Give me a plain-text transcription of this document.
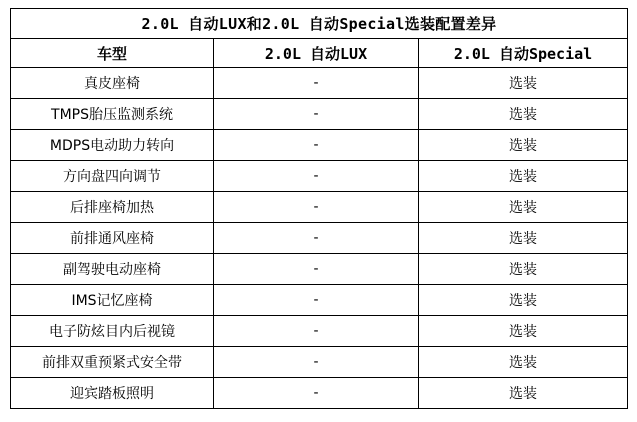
2.0L 自动LUX和2.0L 自动Special选装配置差异		
车型	2.0L 自动LUX	2.0L 自动Special
真皮座椅	-	选装
TMPS胎压监测系统	-	选装
MDPS电动助力转向	-	选装
方向盘四向调节	-	选装
后排座椅加热	-	选装
前排通风座椅	-	选装
副驾驶电动座椅	-	选装
IMS记忆座椅	-	选装
电子防炫目内后视镜	-	选装
前排双重预紧式安全带	-	选装
迎宾踏板照明	-	选装
